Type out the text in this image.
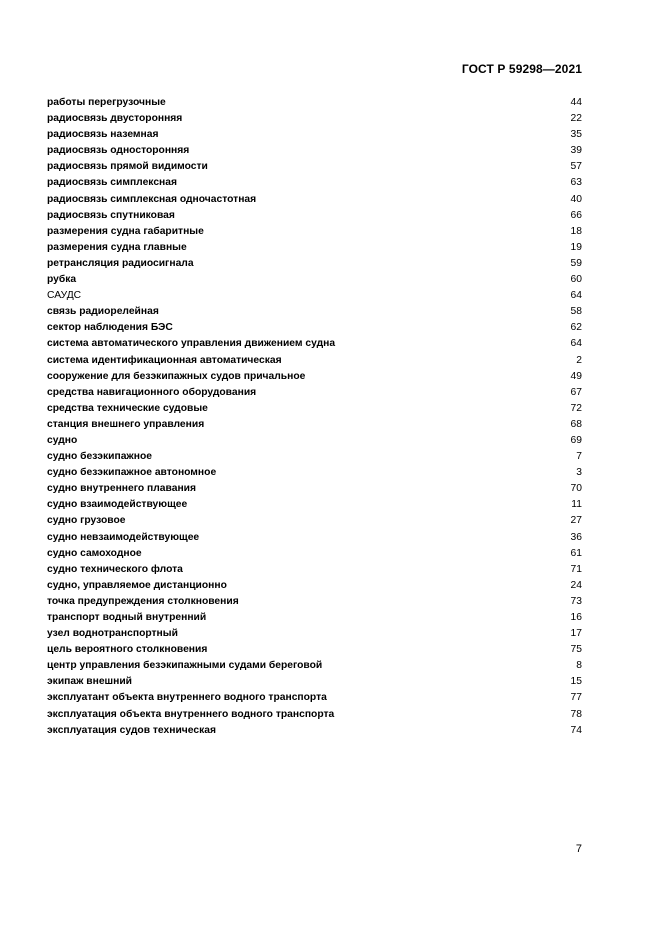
ГОСТ Р 59298—2021
работы перегрузочные	44
радиосвязь двусторонняя	22
радиосвязь наземная	35
радиосвязь односторонняя	39
радиосвязь прямой видимости	57
радиосвязь симплексная	63
радиосвязь симплексная одночастотная	40
радиосвязь спутниковая	66
размерения судна габаритные	18
размерения судна главные	19
ретрансляция радиосигнала	59
рубка	60
САУДС	64
связь радиорелейная	58
сектор наблюдения БЭС	62
система автоматического управления движением судна	64
система идентификационная автоматическая	2
сооружение для безэкипажных судов причальное	49
средства навигационного оборудования	67
средства технические судовые	72
станция внешнего управления	68
судно	69
судно безэкипажное	7
судно безэкипажное автономное	3
судно внутреннего плавания	70
судно взаимодействующее	11
судно грузовое	27
судно невзаимодействующее	36
судно самоходное	61
судно технического флота	71
судно, управляемое дистанционно	24
точка предупреждения столкновения	73
транспорт водный внутренний	16
узел воднотранспортный	17
цель вероятного столкновения	75
центр управления безэкипажными судами береговой	8
экипаж внешний	15
эксплуатант объекта внутреннего водного транспорта	77
эксплуатация объекта внутреннего водного транспорта	78
эксплуатация судов техническая	74
7
